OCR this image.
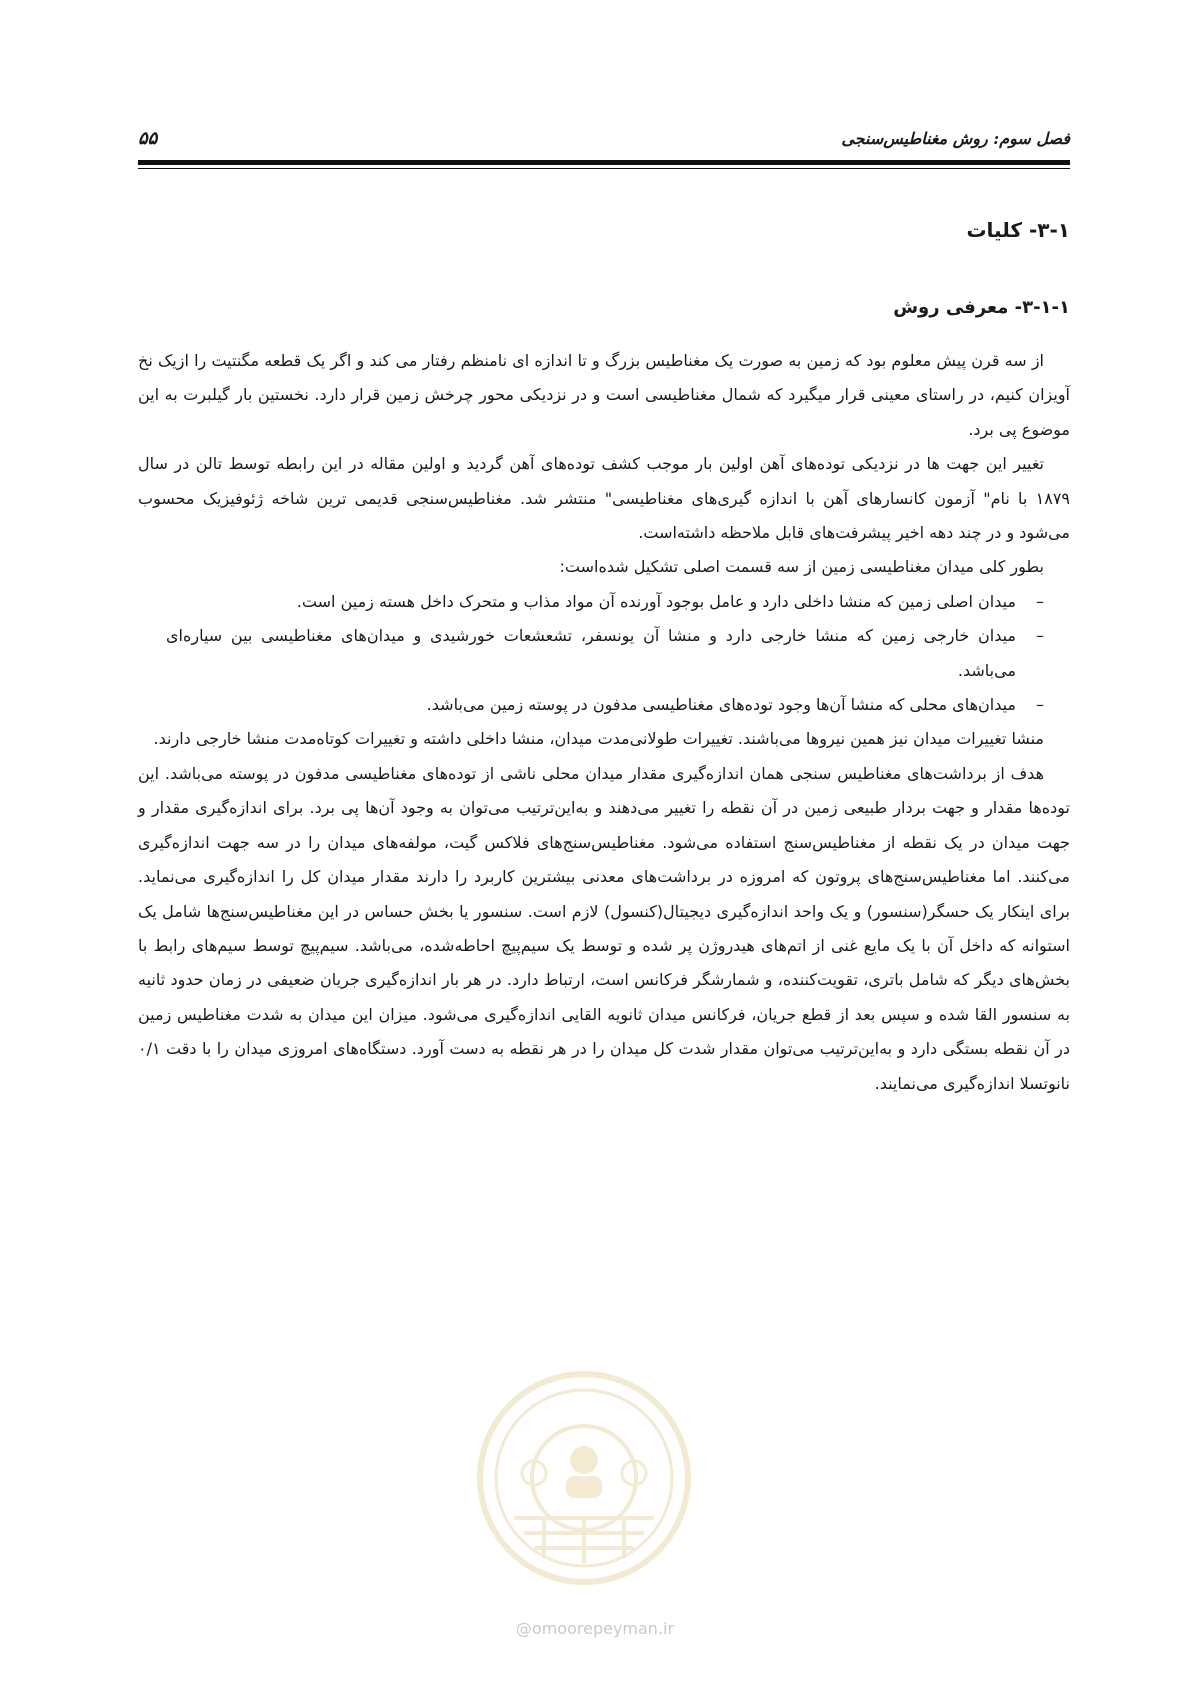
فصل سوم: روش مغناطیس‌سنجی
۵۵
۳-۱- کلیات
۳-۱-۱- معرفی روش

از سه قرن پیش معلوم بود که زمین به صورت یک مغناطیس بزرگ و تا اندازه ای نامنظم رفتار می کند و اگر یک قطعه مگنتیت را ازیک نخ آویزان کنیم، در راستای معینی قرار میگیرد که شمال مغناطیسی است و در نزدیکی محور چرخش زمین قرار دارد. نخستین بار گیلبرت به این موضوع پی برد.

تغییر این جهت ها در نزدیکی توده‌های آهن اولین بار موجب کشف توده‌های آهن گردید و اولین مقاله در این رابطه توسط تالن در سال ۱۸۷۹ با نام" آزمون کانسارهای آهن با اندازه گیری‌های مغناطیسی" منتشر شد. مغناطیس‌سنجی قدیمی ترین شاخه ژئوفیزیک محسوب می‌شود و در چند دهه اخیر پیشرفت‌های قابل ملاحظه داشته‌است.

بطور کلی میدان مغناطیسی زمین از سه قسمت اصلی تشکیل شده‌است:

–
میدان اصلی زمین که منشا داخلی دارد و عامل بوجود آورنده آن مواد مذاب و متحرک داخل هسته زمین است.
–
میدان خارجی زمین که منشا خارجی دارد و منشا آن یونسفر، تشعشعات خورشیدی و میدان‌های مغناطیسی بین سیاره‌ای می‌باشد.
–
میدان‌های محلی که منشا آن‌ها وجود توده‌های مغناطیسی مدفون در پوسته زمین می‌باشد.

منشا تغییرات میدان نیز همین نیروها می‌باشند. تغییرات طولانی‌مدت میدان، منشا داخلی داشته و تغییرات کوتاه‌مدت منشا خارجی دارند.

هدف از برداشت‌های مغناطیس سنجی همان اندازه‌گیری مقدار میدان محلی ناشی از توده‌های مغناطیسی مدفون در پوسته می‌باشد. این توده‌ها مقدار و جهت بردار طبیعی زمین در آن نقطه را تغییر می‌دهند و به‌این‌ترتیب می‌توان به وجود آن‌ها پی برد. برای اندازه‌گیری مقدار و جهت میدان در یک نقطه از مغناطیس‌سنج استفاده می‌شود. مغناطیس‌سنج‌های فلاکس گیت، مولفه‌های میدان را در سه جهت اندازه‌گیری می‌کنند. اما مغناطیس‌سنج‌های پروتون که امروزه در برداشت‌های معدنی بیشترین کاربرد را دارند مقدار میدان کل را اندازه‌گیری می‌نماید. برای اینکار یک حسگر(سنسور) و یک واحد اندازه‌گیری دیجیتال(کنسول) لازم است. سنسور یا بخش حساس در این مغناطیس‌سنج‌ها شامل یک استوانه که داخل آن با یک مایع غنی از اتم‌های هیدروژن پر شده و توسط یک سیم‌پیچ احاطه‌شده، می‌باشد. سیم‌پیچ توسط سیم‌های رابط با بخش‌های دیگر که شامل باتری، تقویت‌کننده، و شمارشگر فرکانس است، ارتباط دارد. در هر بار اندازه‌گیری جریان ضعیفی در زمان حدود ثانیه به سنسور القا شده و سپس بعد از قطع جریان، فرکانس میدان ثانویه القایی اندازه‌گیری می‌شود. میزان این میدان به شدت مغناطیس زمین در آن نقطه بستگی دارد و به‌این‌ترتیب می‌توان مقدار شدت کل میدان را در هر نقطه به دست آورد. دستگاه‌های امروزی میدان را با دقت ۰/۱ نانوتسلا اندازه‌گیری می‌نمایند.

@omoorepeyman.ir
